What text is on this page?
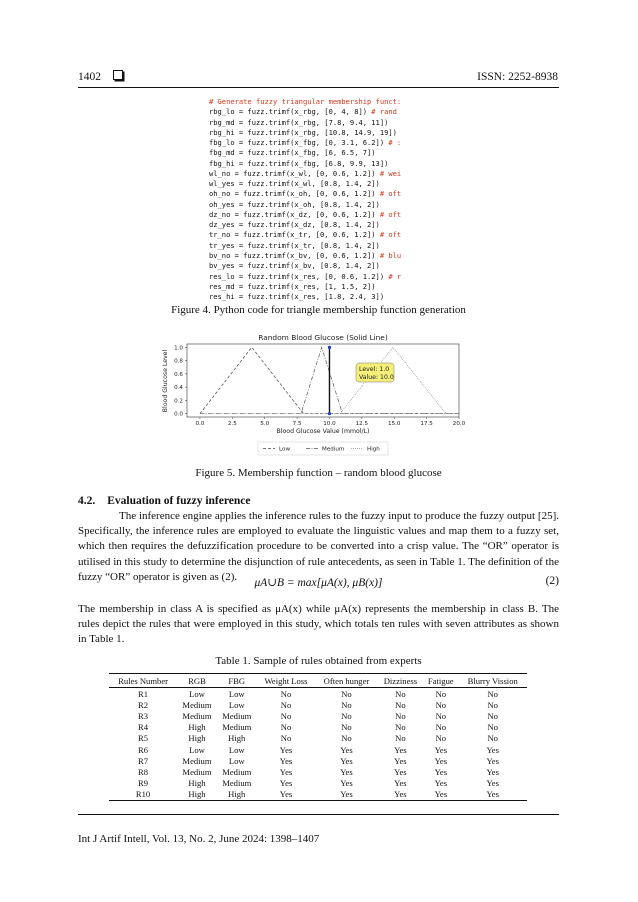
1402	ISSN: 2252-8938
# Generate fuzzy triangular membership funct:
rbg_lo = fuzz.trimf(x_rbg, [0, 4, 8]) # rand
rbg_md = fuzz.trimf(x_rbg, [7.8, 9.4, 11])
rbg_hi = fuzz.trimf(x_rbg, [10.8, 14.9, 19])
fbg_lo = fuzz.trimf(x_fbg, [0, 3.1, 6.2]) # :
fbg_md = fuzz.trimf(x_fbg, [6, 6.5, 7])
fbg_hi = fuzz.trimf(x_fbg, [6.8, 9.9, 13])
wl_no = fuzz.trimf(x_wl, [0, 0.6, 1.2]) # wei
wl_yes = fuzz.trimf(x_wl, [0.8, 1.4, 2])
oh_no = fuzz.trimf(x_oh, [0, 0.6, 1.2]) # oft
oh_yes = fuzz.trimf(x_oh, [0.8, 1.4, 2])
dz_no = fuzz.trimf(x_dz, [0, 0.6, 1.2]) # oft
dz_yes = fuzz.trimf(x_dz, [0.8, 1.4, 2])
tr_no = fuzz.trimf(x_tr, [0, 0.6, 1.2]) # oft
tr_yes = fuzz.trimf(x_tr, [0.8, 1.4, 2])
bv_no = fuzz.trimf(x_bv, [0, 0.6, 1.2]) # blu
bv_yes = fuzz.trimf(x_bv, [0.8, 1.4, 2])
res_lo = fuzz.trimf(x_res, [0, 0.6, 1.2]) # r
res_md = fuzz.trimf(x_res, [1, 1.5, 2])
res_hi = fuzz.trimf(x_res, [1.8, 2.4, 3])
Figure 4. Python code for triangle membership function generation
Random Blood Glucose (Solid Line)
0.0	2.5	5.0	7.5	10.0	12.5	15.0	17.5	20.0
0.0
0.2
0.4
0.6
0.8
1.0
Level: 1.0
Value: 10.0
Blood Glucose Value (mmol/L)
Blood Glucose Level
Low	Medium	High
Figure 5. Membership function – random blood glucose
4.2. Evaluation of fuzzy inference
The inference engine applies the inference rules to the fuzzy input to produce the fuzzy output [25]. Specifically, the inference rules are employed to evaluate the linguistic values and map them to a fuzzy set, which then requires the defuzzification procedure to be converted into a crisp value. The “OR” operator is utilised in this study to determine the disjunction of rule antecedents, as seen in Table 1. The definition of the fuzzy “OR” operator is given as (2).
μA∪B = max[μA(x), μB(x)]	(2)
The membership in class A is specified as μA(x) while μA(x) represents the membership in class B. The rules depict the rules that were employed in this study, which totals ten rules with seven attributes as shown in Table 1.
Table 1. Sample of rules obtained from experts
Rules Number	RGB	FBG	Weight Loss	Often hunger	Dizziness	Fatigue	Blurry Vission
R1	Low	Low	No	No	No	No	No
R2	Medium	Low	No	No	No	No	No
R3	Medium	Medium	No	No	No	No	No
R4	High	Medium	No	No	No	No	No
R5	High	High	No	No	No	No	No
R6	Low	Low	Yes	Yes	Yes	Yes	Yes
R7	Medium	Low	Yes	Yes	Yes	Yes	Yes
R8	Medium	Medium	Yes	Yes	Yes	Yes	Yes
R9	High	Medium	Yes	Yes	Yes	Yes	Yes
R10	High	High	Yes	Yes	Yes	Yes	Yes
Int J Artif Intell, Vol. 13, No. 2, June 2024: 1398–1407
